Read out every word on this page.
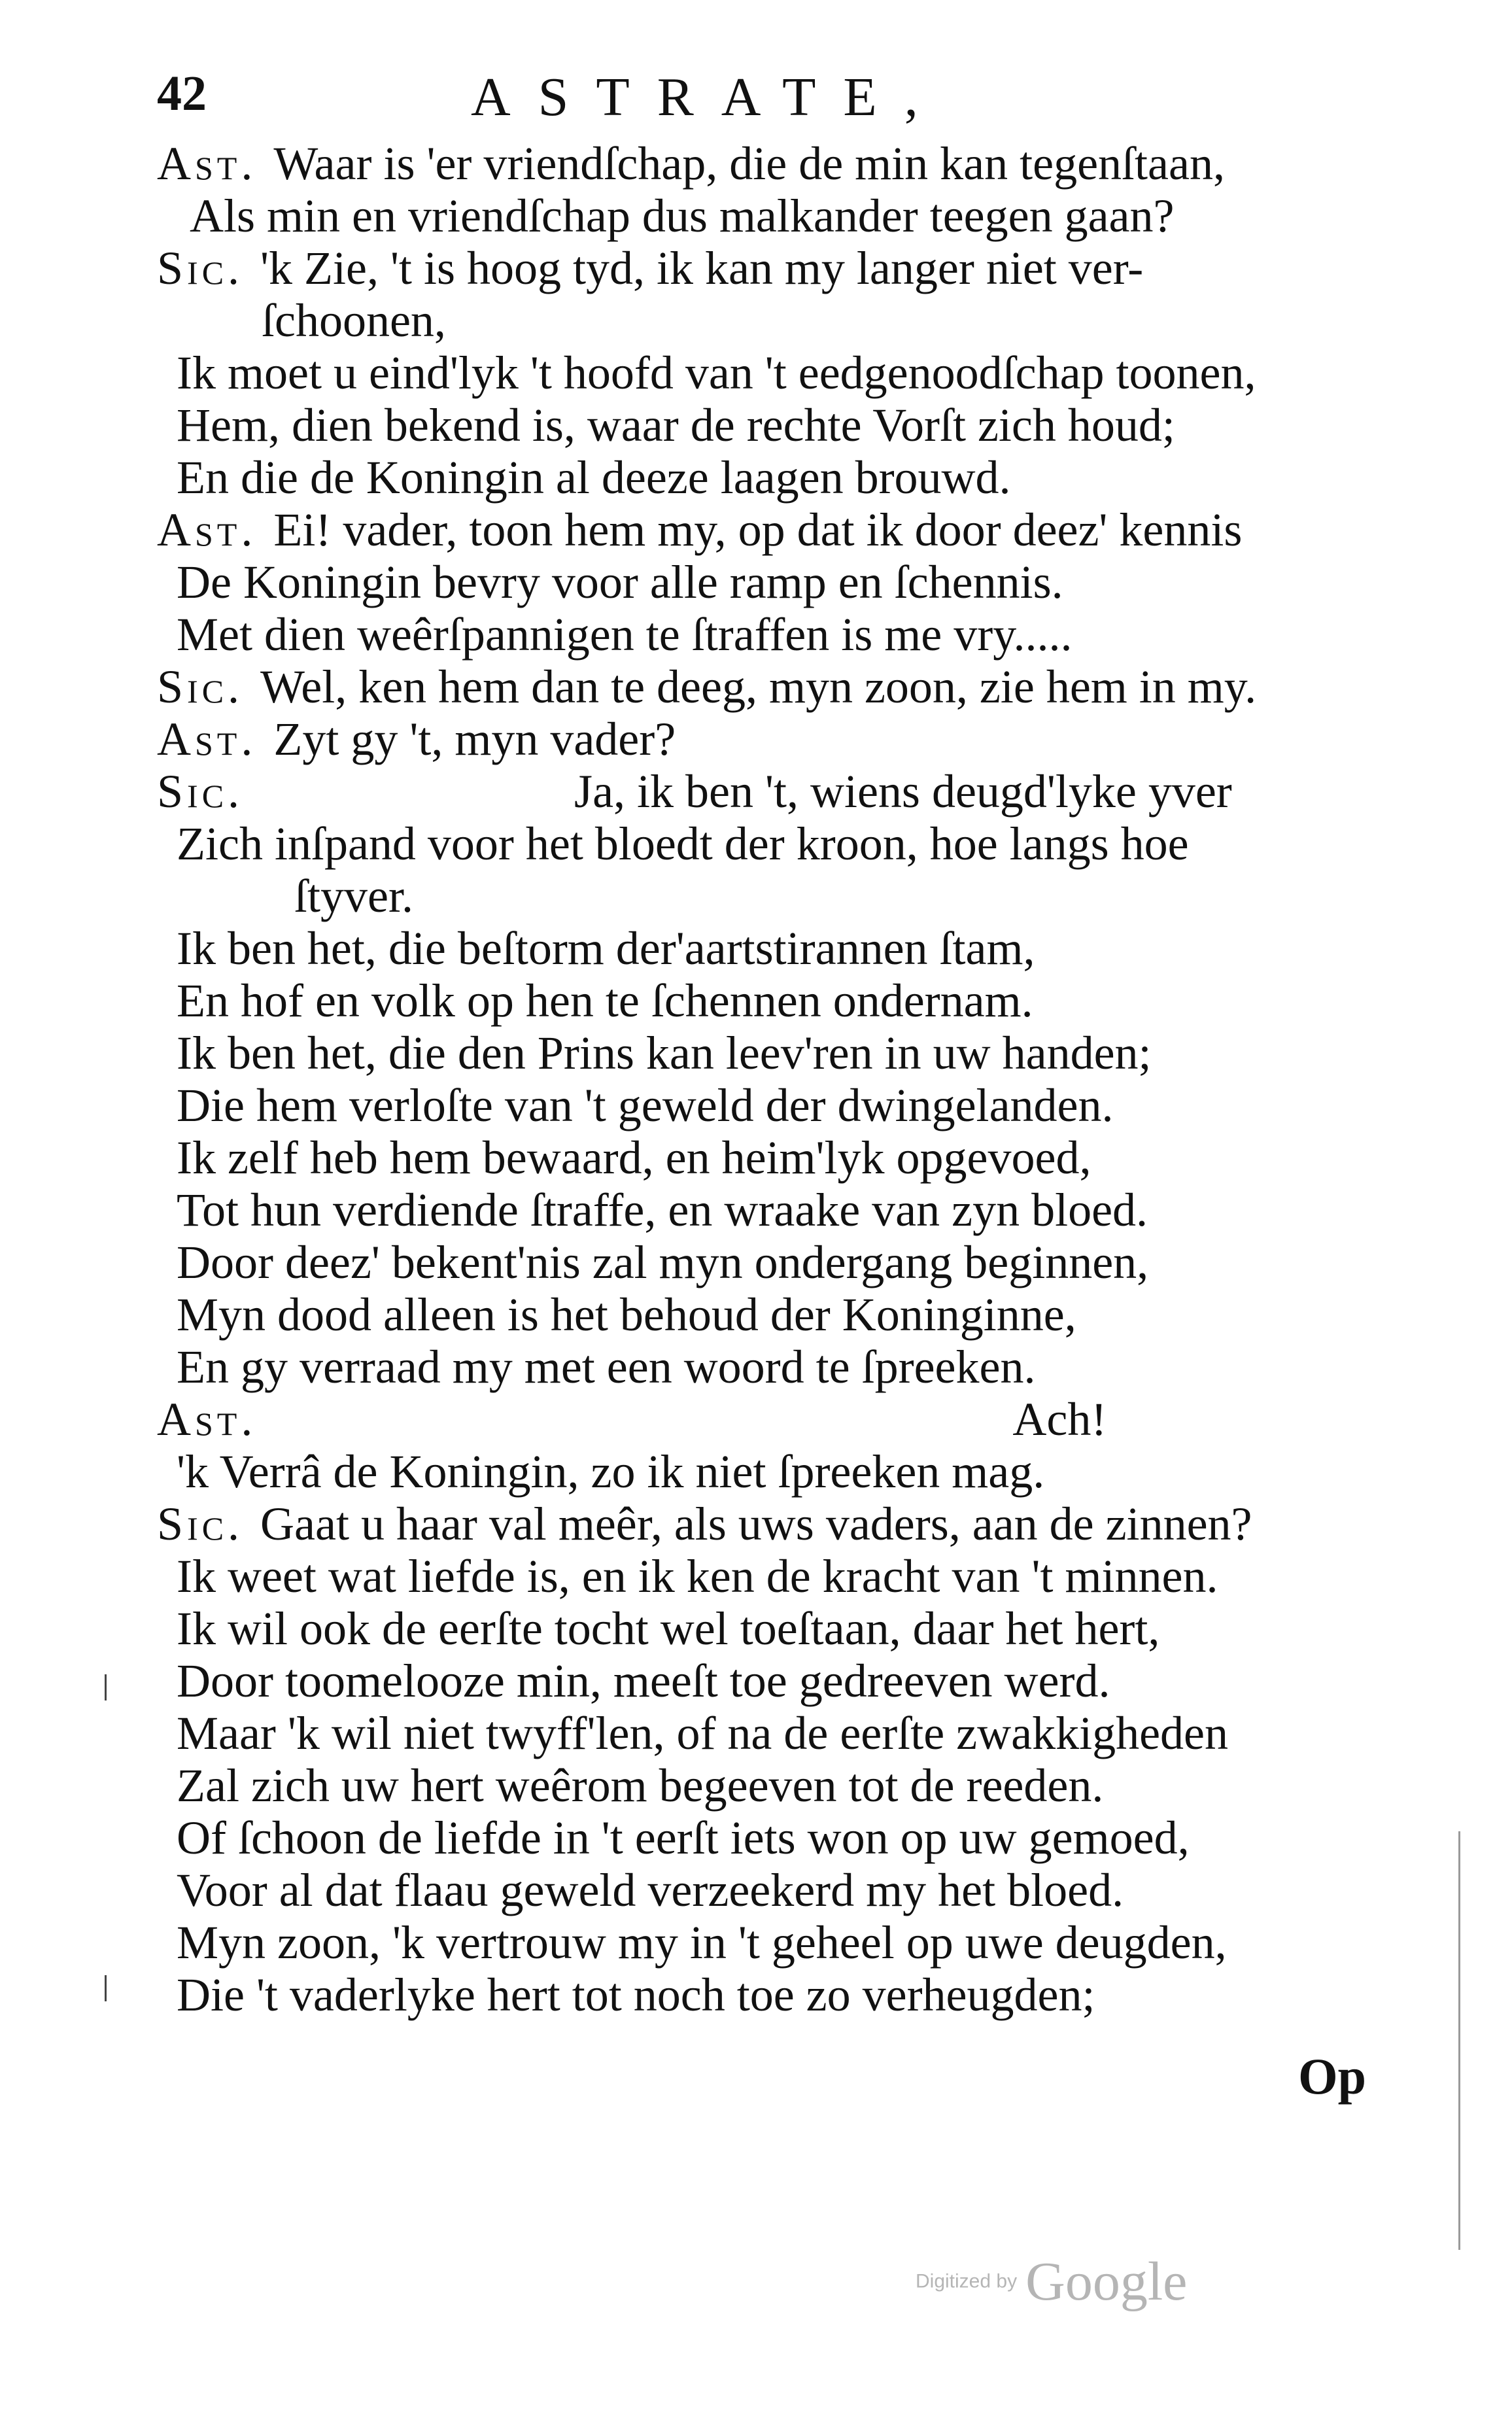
42	ASTRATE,
Ast. Waar is 'er vriendſchap, die de min kan tegenſtaan,
Als min en vriendſchap dus malkander teegen gaan?
Sic. 'k Zie, 't is hoog tyd, ik kan my langer niet ver-
ſchoonen,
Ik moet u eind'lyk 't hoofd van 't eedgenoodſchap toonen,
Hem, dien bekend is, waar de rechte Vorſt zich houd;
En die de Koningin al deeze laagen brouwd.
Ast. Ei! vader, toon hem my, op dat ik door deez' kennis
De Koningin bevry voor alle ramp en ſchennis.
Met dien weêrſpannigen te ſtraffen is me vry.....
Sic. Wel, ken hem dan te deeg, myn zoon, zie hem in my.
Ast. Zyt gy 't, myn vader?
Sic.	Ja, ik ben 't, wiens deugd'lyke yver
Zich inſpand voor het bloedt der kroon, hoe langs hoe
ſtyver.
Ik ben het, die beſtorm der'aartstirannen ſtam,
En hof en volk op hen te ſchennen ondernam.
Ik ben het, die den Prins kan leev'ren in uw handen;
Die hem verloſte van 't geweld der dwingelanden.
Ik zelf heb hem bewaard, en heim'lyk opgevoed,
Tot hun verdiende ſtraffe, en wraake van zyn bloed.
Door deez' bekent'nis zal myn ondergang beginnen,
Myn dood alleen is het behoud der Koninginne,
En gy verraad my met een woord te ſpreeken.
Ast.	Ach!
'k Verrâ de Koningin, zo ik niet ſpreeken mag.
Sic. Gaat u haar val meêr, als uws vaders, aan de zinnen?
Ik weet wat liefde is, en ik ken de kracht van 't minnen.
Ik wil ook de eerſte tocht wel toeſtaan, daar het hert,
Door toomelooze min, meeſt toe gedreeven werd.
Maar 'k wil niet twyff'len, of na de eerſte zwakkigheden
Zal zich uw hert weêrom begeeven tot de reeden.
Of ſchoon de liefde in 't eerſt iets won op uw gemoed,
Voor al dat flaau geweld verzeekerd my het bloed.
Myn zoon, 'k vertrouw my in 't geheel op uwe deugden,
Die 't vaderlyke hert tot noch toe zo verheugden;
Op
Digitized by Google
